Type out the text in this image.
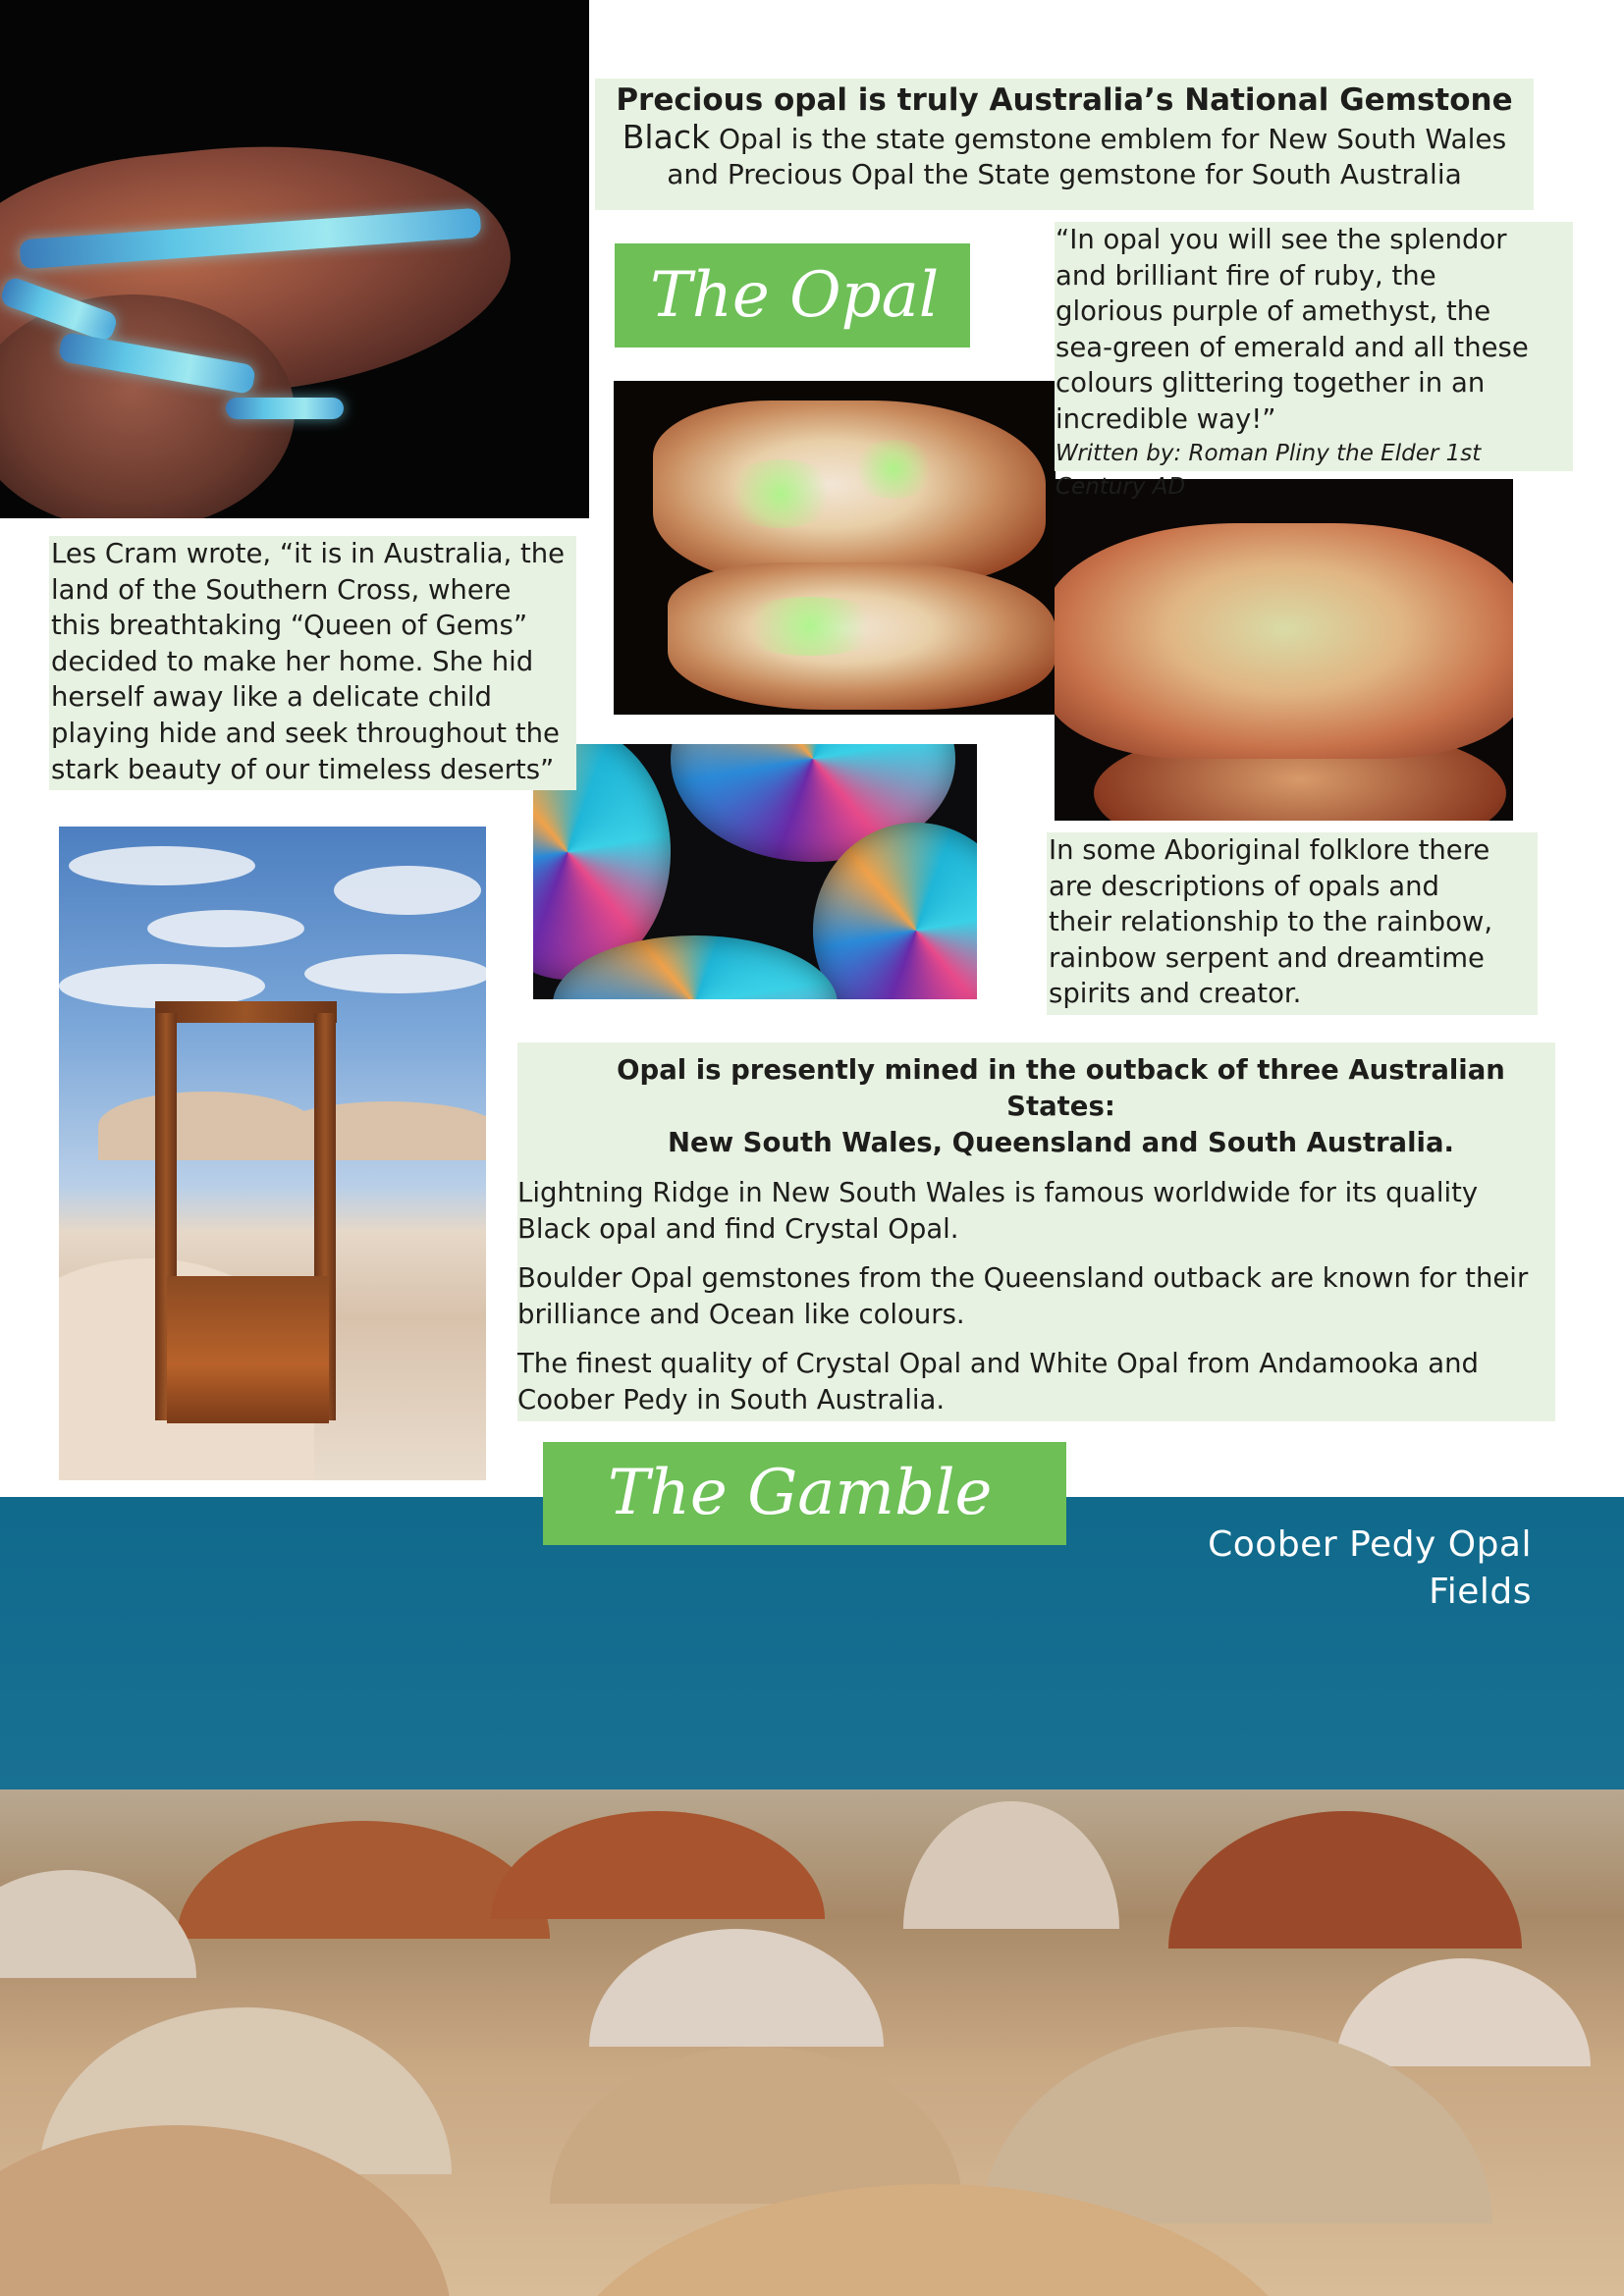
Precious opal is truly Australia’s National Gemstone
Black Opal is the state gemstone emblem for New South Wales
and Precious Opal the State gemstone for South Australia
The Opal
“In opal you will see the splendor
and brilliant fire of ruby, the
glorious purple of amethyst, the
sea-green of emerald and all these
colours glittering together in an
incredible way!”
Written by: Roman Pliny the Elder 1st Century AD
Les Cram wrote, “it is in Australia, the
land of the Southern Cross, where
this breathtaking “Queen of Gems”
decided to make her home. She hid
herself away like a delicate child
playing hide and seek throughout the
stark beauty of our timeless deserts”
In some Aboriginal folklore there
are descriptions of opals and
their relationship to the rainbow,
rainbow serpent and dreamtime
spirits and creator.
Opal is presently mined in the outback of three Australian States:
New South Wales, Queensland and South Australia.
Lightning Ridge in New South Wales is famous worldwide for its quality Black opal and find Crystal Opal.
Boulder Opal gemstones from the Queensland outback are known for their brilliance and Ocean like colours.
The finest quality of Crystal Opal and White Opal from Andamooka and Coober Pedy in South Australia.
The Gamble
Coober Pedy Opal Fields
